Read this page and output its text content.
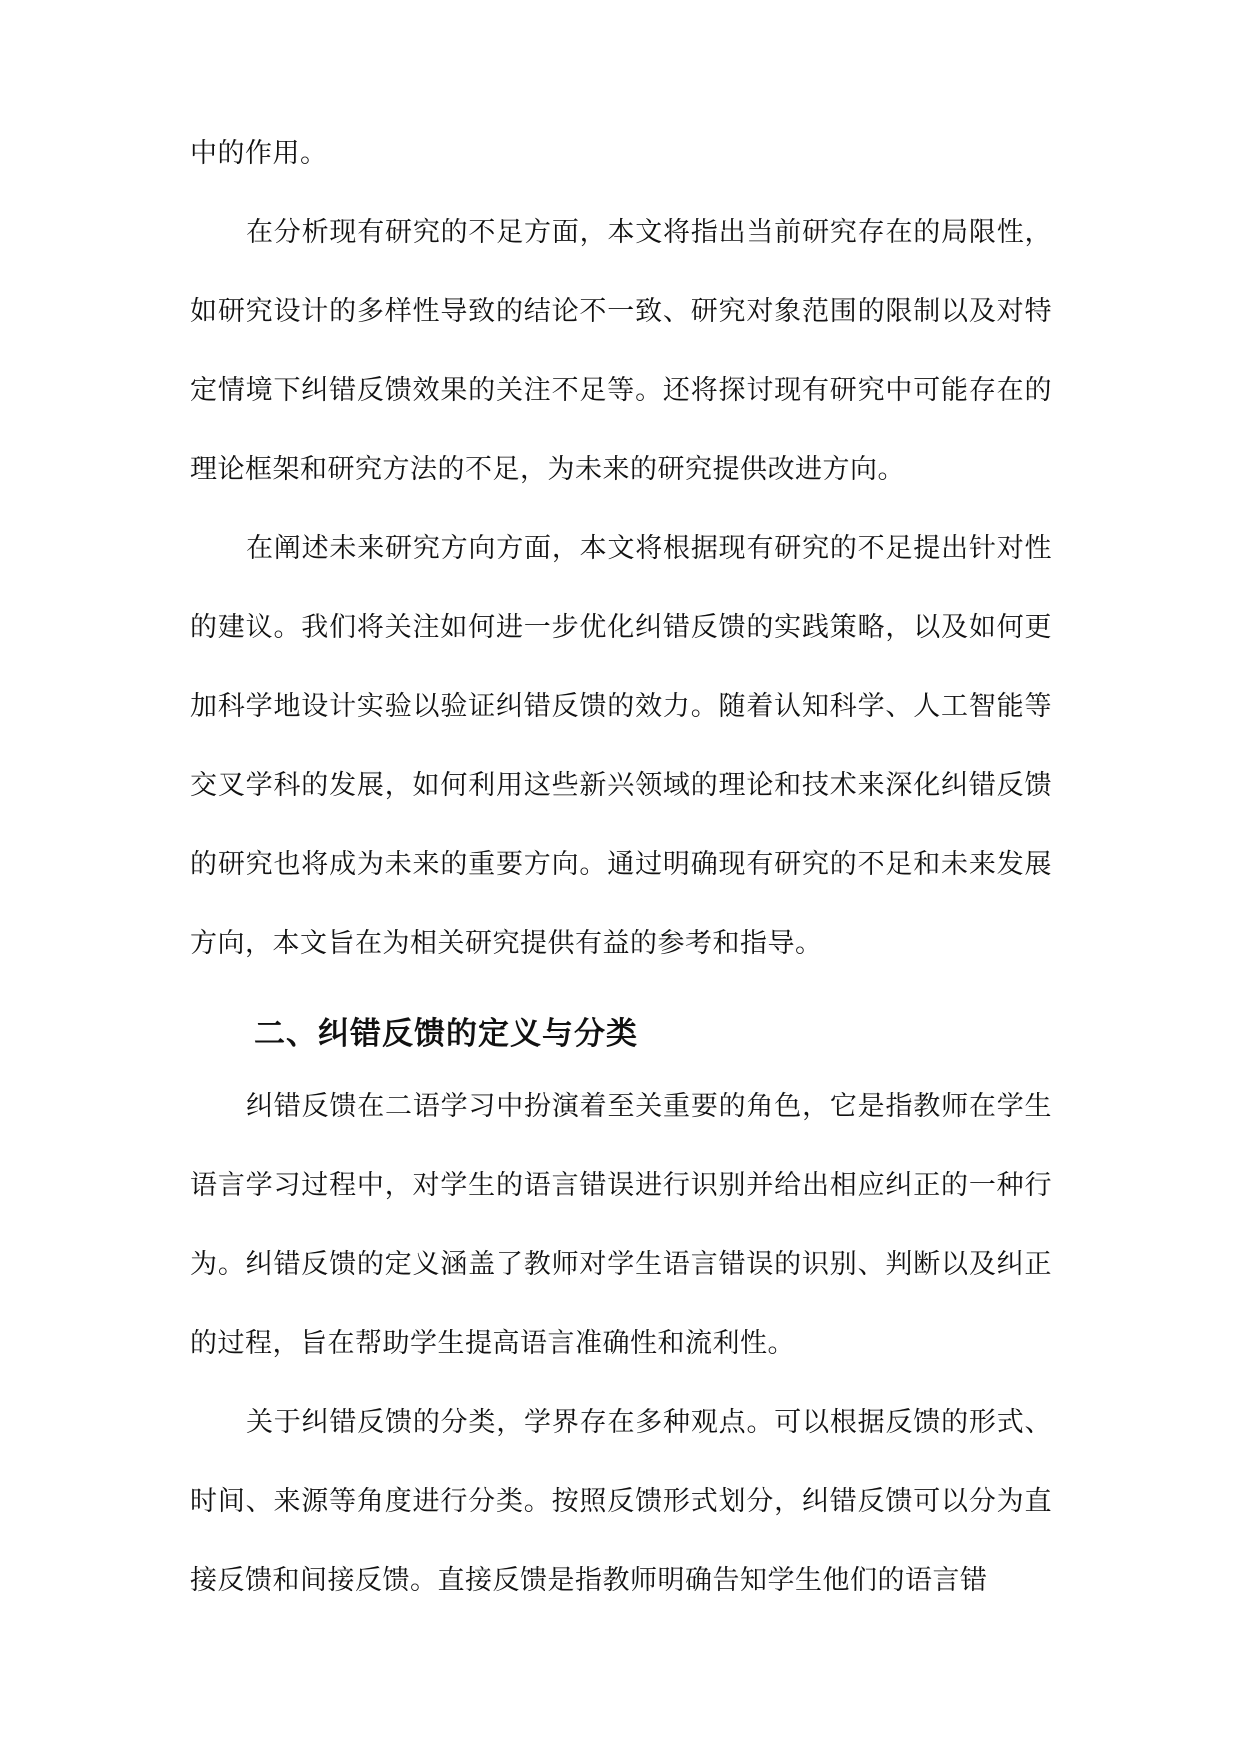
中的作用。

在分析现有研究的不足方面，本文将指出当前研究存在的局限性，如研究设计的多样性导致的结论不一致、研究对象范围的限制以及对特定情境下纠错反馈效果的关注不足等。还将探讨现有研究中可能存在的理论框架和研究方法的不足，为未来的研究提供改进方向。

在阐述未来研究方向方面，本文将根据现有研究的不足提出针对性的建议。我们将关注如何进一步优化纠错反馈的实践策略，以及如何更加科学地设计实验以验证纠错反馈的效力。随着认知科学、人工智能等交叉学科的发展，如何利用这些新兴领域的理论和技术来深化纠错反馈的研究也将成为未来的重要方向。通过明确现有研究的不足和未来发展方向，本文旨在为相关研究提供有益的参考和指导。

二、纠错反馈的定义与分类

纠错反馈在二语学习中扮演着至关重要的角色，它是指教师在学生语言学习过程中，对学生的语言错误进行识别并给出相应纠正的一种行为。纠错反馈的定义涵盖了教师对学生语言错误的识别、判断以及纠正的过程，旨在帮助学生提高语言准确性和流利性。

关于纠错反馈的分类，学界存在多种观点。可以根据反馈的形式、时间、来源等角度进行分类。按照反馈形式划分，纠错反馈可以分为直接反馈和间接反馈。直接反馈是指教师明确告知学生他们的语言错
